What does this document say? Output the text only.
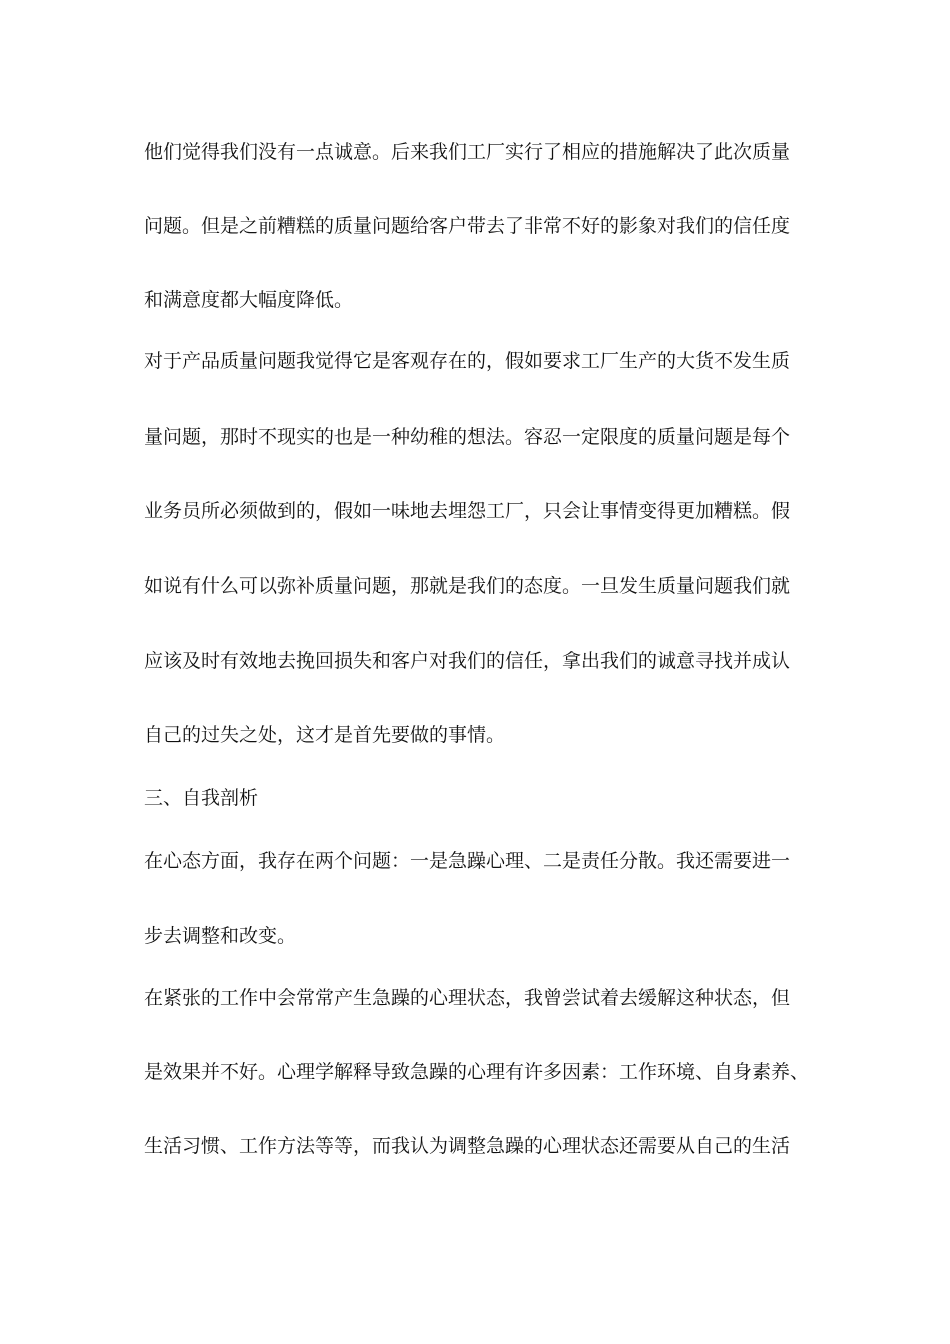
他们觉得我们没有一点诚意。后来我们工厂实行了相应的措施解决了此次质量
问题。但是之前糟糕的质量问题给客户带去了非常不好的影象对我们的信任度
和满意度都大幅度降低。
对于产品质量问题我觉得它是客观存在的，假如要求工厂生产的大货不发生质
量问题，那时不现实的也是一种幼稚的想法。容忍一定限度的质量问题是每个
业务员所必须做到的，假如一味地去埋怨工厂，只会让事情变得更加糟糕。假
如说有什么可以弥补质量问题，那就是我们的态度。一旦发生质量问题我们就
应该及时有效地去挽回损失和客户对我们的信任，拿出我们的诚意寻找并成认
自己的过失之处，这才是首先要做的事情。
三、自我剖析
在心态方面，我存在两个问题：一是急躁心理、二是责任分散。我还需要进一
步去调整和改变。
在紧张的工作中会常常产生急躁的心理状态，我曾尝试着去缓解这种状态，但
是效果并不好。心理学解释导致急躁的心理有许多因素：工作环境、自身素养、
生活习惯、工作方法等等，而我认为调整急躁的心理状态还需要从自己的生活
